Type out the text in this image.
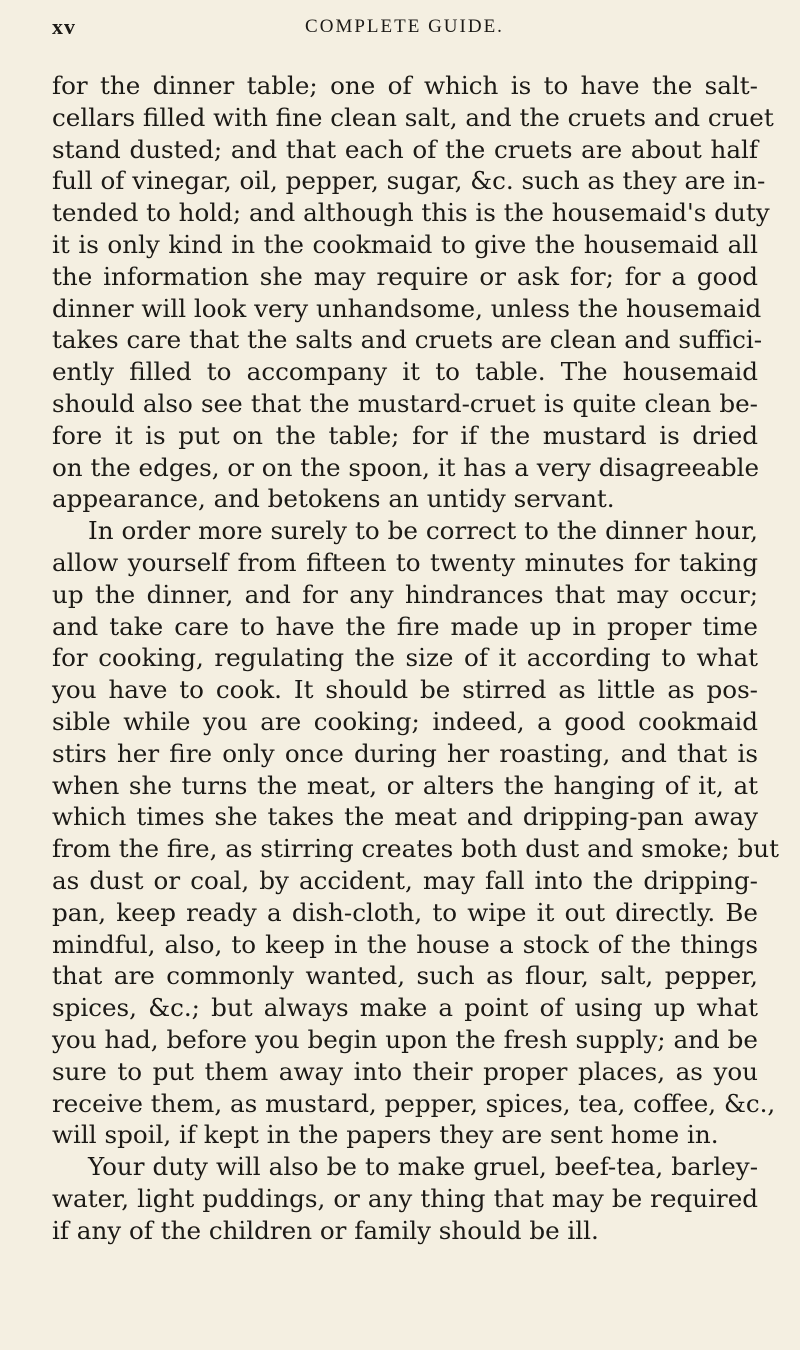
xv	COMPLETE GUIDE.
for the dinner table; one of which is to have the salt-
cellars filled with fine clean salt, and the cruets and cruet
stand dusted; and that each of the cruets are about half
full of vinegar, oil, pepper, sugar, &c. such as they are in-
tended to hold; and although this is the housemaid's duty
it is only kind in the cookmaid to give the housemaid all
the information she may require or ask for; for a good
dinner will look very unhandsome, unless the housemaid
takes care that the salts and cruets are clean and suffici-
ently filled to accompany it to table. The housemaid
should also see that the mustard-cruet is quite clean be-
fore it is put on the table; for if the mustard is dried
on the edges, or on the spoon, it has a very disagreeable
appearance, and betokens an untidy servant.
In order more surely to be correct to the dinner hour,
allow yourself from fifteen to twenty minutes for taking
up the dinner, and for any hindrances that may occur;
and take care to have the fire made up in proper time
for cooking, regulating the size of it according to what
you have to cook. It should be stirred as little as pos-
sible while you are cooking; indeed, a good cookmaid
stirs her fire only once during her roasting, and that is
when she turns the meat, or alters the hanging of it, at
which times she takes the meat and dripping-pan away
from the fire, as stirring creates both dust and smoke; but
as dust or coal, by accident, may fall into the dripping-
pan, keep ready a dish-cloth, to wipe it out directly. Be
mindful, also, to keep in the house a stock of the things
that are commonly wanted, such as flour, salt, pepper,
spices, &c.; but always make a point of using up what
you had, before you begin upon the fresh supply; and be
sure to put them away into their proper places, as you
receive them, as mustard, pepper, spices, tea, coffee, &c.,
will spoil, if kept in the papers they are sent home in.
Your duty will also be to make gruel, beef-tea, barley-
water, light puddings, or any thing that may be required
if any of the children or family should be ill.
